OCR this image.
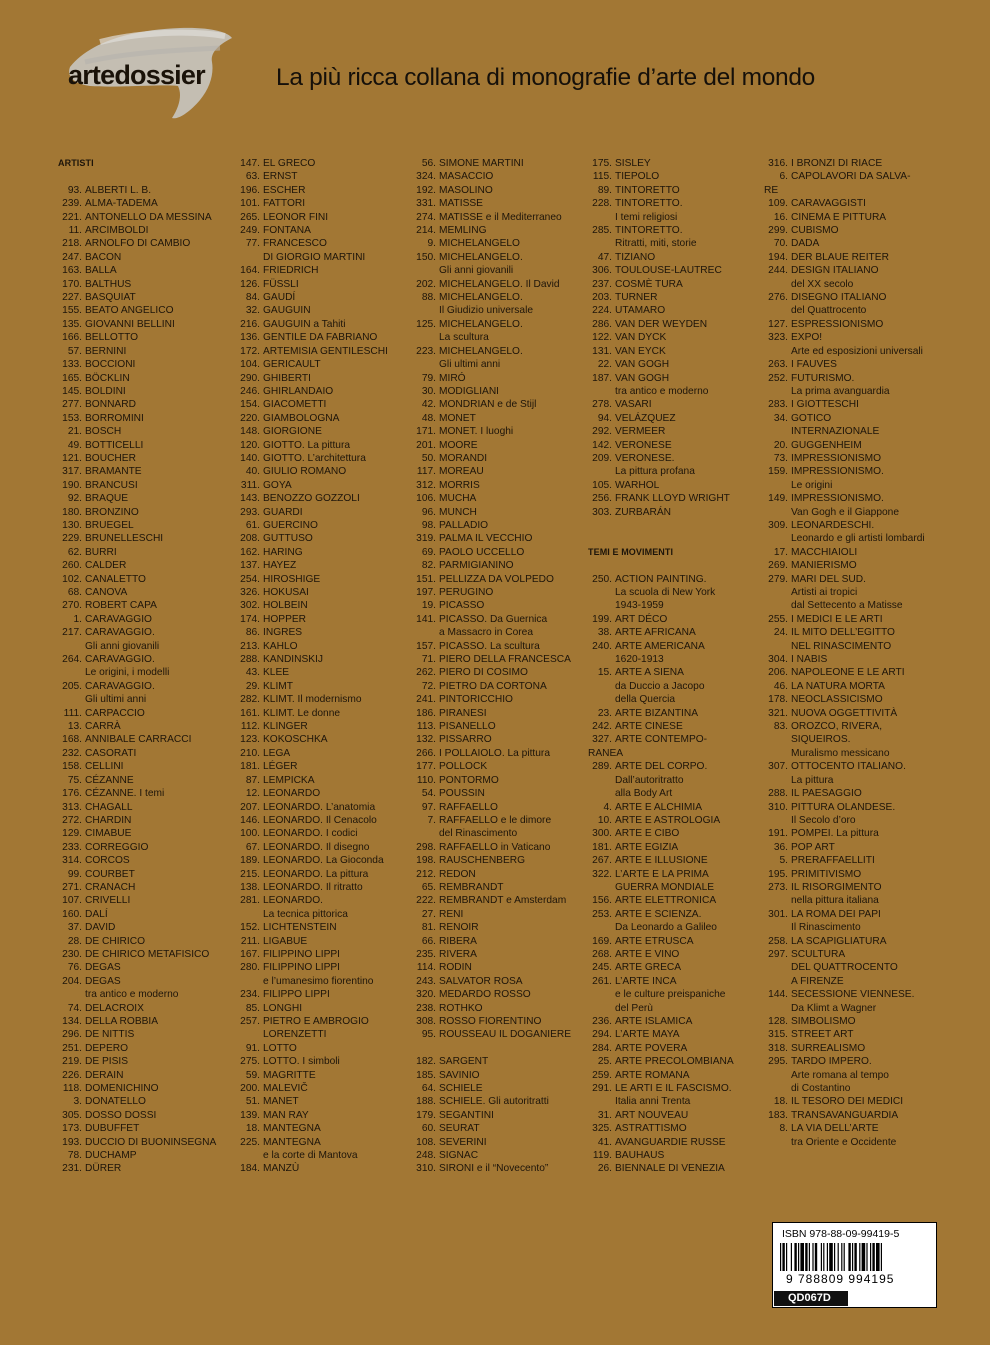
artedossier	La più ricca collana di monografie d’arte del mondo
ARTISTI
93. ALBERTI L. B.
239. ALMA-TADEMA
221. ANTONELLO DA MESSINA
11. ARCIMBOLDI
218. ARNOLFO DI CAMBIO
247. BACON
163. BALLA
170. BALTHUS
227. BASQUIAT
155. BEATO ANGELICO
135. GIOVANNI BELLINI
166. BELLOTTO
57. BERNINI
133. BOCCIONI
165. BÖCKLIN
145. BOLDINI
277. BONNARD
153. BORROMINI
21. BOSCH
49. BOTTICELLI
121. BOUCHER
317. BRAMANTE
190. BRANCUSI
92. BRAQUE
180. BRONZINO
130. BRUEGEL
229. BRUNELLESCHI
62. BURRI
260. CALDER
102. CANALETTO
68. CANOVA
270. ROBERT CAPA
1. CARAVAGGIO
217. CARAVAGGIO.
Gli anni giovanili
264. CARAVAGGIO.
Le origini, i modelli
205. CARAVAGGIO.
Gli ultimi anni
111. CARPACCIO
13. CARRÀ
168. ANNIBALE CARRACCI
232. CASORATI
158. CELLINI
75. CÉZANNE
176. CÉZANNE. I temi
313. CHAGALL
272. CHARDIN
129. CIMABUE
233. CORREGGIO
314. CORCOS
99. COURBET
271. CRANACH
107. CRIVELLI
160. DALÍ
37. DAVID
28. DE CHIRICO
230. DE CHIRICO METAFISICO
76. DEGAS
204. DEGAS
tra antico e moderno
74. DELACROIX
134. DELLA ROBBIA
296. DE NITTIS
251. DEPERO
219. DE PISIS
226. DERAIN
118. DOMENICHINO
3. DONATELLO
305. DOSSO DOSSI
173. DUBUFFET
193. DUCCIO DI BUONINSEGNA
78. DUCHAMP
231. DÜRER
147. EL GRECO
63. ERNST
196. ESCHER
101. FATTORI
265. LEONOR FINI
249. FONTANA
77. FRANCESCO
DI GIORGIO MARTINI
164. FRIEDRICH
126. FÜSSLI
84. GAUDÍ
32. GAUGUIN
216. GAUGUIN a Tahiti
136. GENTILE DA FABRIANO
172. ARTEMISIA GENTILESCHI
104. GERICAULT
290. GHIBERTI
246. GHIRLANDAIO
154. GIACOMETTI
220. GIAMBOLOGNA
148. GIORGIONE
120. GIOTTO. La pittura
140. GIOTTO. L’architettura
40. GIULIO ROMANO
311. GOYA
143. BENOZZO GOZZOLI
293. GUARDI
61. GUERCINO
208. GUTTUSO
162. HARING
137. HAYEZ
254. HIROSHIGE
326. HOKUSAI
302. HOLBEIN
174. HOPPER
86. INGRES
213. KAHLO
288. KANDINSKIJ
43. KLEE
29. KLIMT
282. KLIMT. Il modernismo
161. KLIMT. Le donne
112. KLINGER
123. KOKOSCHKA
210. LEGA
181. LÉGER
87. LEMPICKA
12. LEONARDO
207. LEONARDO. L’anatomia
146. LEONARDO. Il Cenacolo
100. LEONARDO. I codici
67. LEONARDO. Il disegno
189. LEONARDO. La Gioconda
215. LEONARDO. La pittura
138. LEONARDO. Il ritratto
281. LEONARDO.
La tecnica pittorica
152. LICHTENSTEIN
211. LIGABUE
167. FILIPPINO LIPPI
280. FILIPPINO LIPPI
e l’umanesimo fiorentino
234. FILIPPO LIPPI
85. LONGHI
257. PIETRO E AMBROGIO
LORENZETTI
91. LOTTO
275. LOTTO. I simboli
59. MAGRITTE
200. MALEVIČ
51. MANET
139. MAN RAY
18. MANTEGNA
225. MANTEGNA
e la corte di Mantova
184. MANZÙ
56. SIMONE MARTINI
324. MASACCIO
192. MASOLINO
331. MATISSE
274. MATISSE e il Mediterraneo
214. MEMLING
9. MICHELANGELO
150. MICHELANGELO.
Gli anni giovanili
202. MICHELANGELO. Il David
88. MICHELANGELO.
Il Giudizio universale
125. MICHELANGELO.
La scultura
223. MICHELANGELO.
Gli ultimi anni
79. MIRÓ
30. MODIGLIANI
42. MONDRIAN e de Stijl
48. MONET
171. MONET. I luoghi
201. MOORE
50. MORANDI
117. MOREAU
312. MORRIS
106. MUCHA
96. MUNCH
98. PALLADIO
319. PALMA IL VECCHIO
69. PAOLO UCCELLO
82. PARMIGIANINO
151. PELLIZZA DA VOLPEDO
197. PERUGINO
19. PICASSO
141. PICASSO. Da Guernica
a Massacro in Corea
157. PICASSO. La scultura
71. PIERO DELLA FRANCESCA
262. PIERO DI COSIMO
72. PIETRO DA CORTONA
241. PINTORICCHIO
186. PIRANESI
113. PISANELLO
132. PISSARRO
266. I POLLAIOLO. La pittura
177. POLLOCK
110. PONTORMO
54. POUSSIN
97. RAFFAELLO
7. RAFFAELLO e le dimore
del Rinascimento
298. RAFFAELLO in Vaticano
198. RAUSCHENBERG
212. REDON
65. REMBRANDT
222. REMBRANDT e Amsterdam
27. RENI
81. RENOIR
66. RIBERA
235. RIVERA
114. RODIN
243. SALVATOR ROSA
320. MEDARDO ROSSO
238. ROTHKO
308. ROSSO FIORENTINO
95. ROUSSEAU IL DOGANIERE
182. SARGENT
185. SAVINIO
64. SCHIELE
188. SCHIELE. Gli autoritratti
179. SEGANTINI
60. SEURAT
108. SEVERINI
248. SIGNAC
310. SIRONI e il “Novecento”
175. SISLEY
115. TIEPOLO
89. TINTORETTO
228. TINTORETTO.
I temi religiosi
285. TINTORETTO.
Ritratti, miti, storie
47. TIZIANO
306. TOULOUSE-LAUTREC
237. COSMÈ TURA
203. TURNER
224. UTAMARO
286. VAN DER WEYDEN
122. VAN DYCK
131. VAN EYCK
22. VAN GOGH
187. VAN GOGH
tra antico e moderno
278. VASARI
94. VELÁZQUEZ
292. VERMEER
142. VERONESE
209. VERONESE.
La pittura profana
105. WARHOL
256. FRANK LLOYD WRIGHT
303. ZURBARÁN
TEMI E MOVIMENTI
250. ACTION PAINTING.
La scuola di New York
1943-1959
199. ART DÉCO
38. ARTE AFRICANA
240. ARTE AMERICANA
1620-1913
15. ARTE A SIENA
da Duccio a Jacopo
della Quercia
23. ARTE BIZANTINA
242. ARTE CINESE
327. ARTE CONTEMPO-
RANEA
289. ARTE DEL CORPO.
Dall’autoritratto
alla Body Art
4. ARTE E ALCHIMIA
10. ARTE E ASTROLOGIA
300. ARTE E CIBO
181. ARTE EGIZIA
267. ARTE E ILLUSIONE
322. L’ARTE E LA PRIMA
GUERRA MONDIALE
156. ARTE ELETTRONICA
253. ARTE E SCIENZA.
Da Leonardo a Galileo
169. ARTE ETRUSCA
268. ARTE E VINO
245. ARTE GRECA
261. L’ARTE INCA
e le culture preispaniche
del Perù
236. ARTE ISLAMICA
294. L’ARTE MAYA
284. ARTE POVERA
25. ARTE PRECOLOMBIANA
259. ARTE ROMANA
291. LE ARTI E IL FASCISMO.
Italia anni Trenta
31. ART NOUVEAU
325. ASTRATTISMO
41. AVANGUARDIE RUSSE
119. BAUHAUS
26. BIENNALE DI VENEZIA
316. I BRONZI DI RIACE
6. CAPOLAVORI DA SALVA-
RE
109. CARAVAGGISTI
16. CINEMA E PITTURA
299. CUBISMO
70. DADA
194. DER BLAUE REITER
244. DESIGN ITALIANO
del XX secolo
276. DISEGNO ITALIANO
del Quattrocento
127. ESPRESSIONISMO
323. EXPO!
Arte ed esposizioni universali
263. I FAUVES
252. FUTURISMO.
La prima avanguardia
283. I GIOTTESCHI
34. GOTICO
INTERNAZIONALE
20. GUGGENHEIM
73. IMPRESSIONISMO
159. IMPRESSIONISMO.
Le origini
149. IMPRESSIONISMO.
Van Gogh e il Giappone
309. LEONARDESCHI.
Leonardo e gli artisti lombardi
17. MACCHIAIOLI
269. MANIERISMO
279. MARI DEL SUD.
Artisti ai tropici
dal Settecento a Matisse
255. I MEDICI E LE ARTI
24. IL MITO DELL’EGITTO
NEL RINASCIMENTO
304. I NABIS
206. NAPOLEONE E LE ARTI
46. LA NATURA MORTA
178. NEOCLASSICISMO
321. NUOVA OGGETTIVITÀ
83. OROZCO, RIVERA,
SIQUEIROS.
Muralismo messicano
307. OTTOCENTO ITALIANO.
La pittura
288. IL PAESAGGIO
310. PITTURA OLANDESE.
Il Secolo d’oro
191. POMPEI. La pittura
36. POP ART
5. PRERAFFAELLITI
195. PRIMITIVISMO
273. IL RISORGIMENTO
nella pittura italiana
301. LA ROMA DEI PAPI
Il Rinascimento
258. LA SCAPIGLIATURA
297. SCULTURA
DEL QUATTROCENTO
A FIRENZE
144. SECESSIONE VIENNESE.
Da Klimt a Wagner
128. SIMBOLISMO
315. STREET ART
318. SURREALISMO
295. TARDO IMPERO.
Arte romana al tempo
di Costantino
18. IL TESORO DEI MEDICI
183. TRANSAVANGUARDIA
8. LA VIA DELL’ARTE
tra Oriente e Occidente
ISBN 978-88-09-99419-5
9 788809 994195
QD067D
